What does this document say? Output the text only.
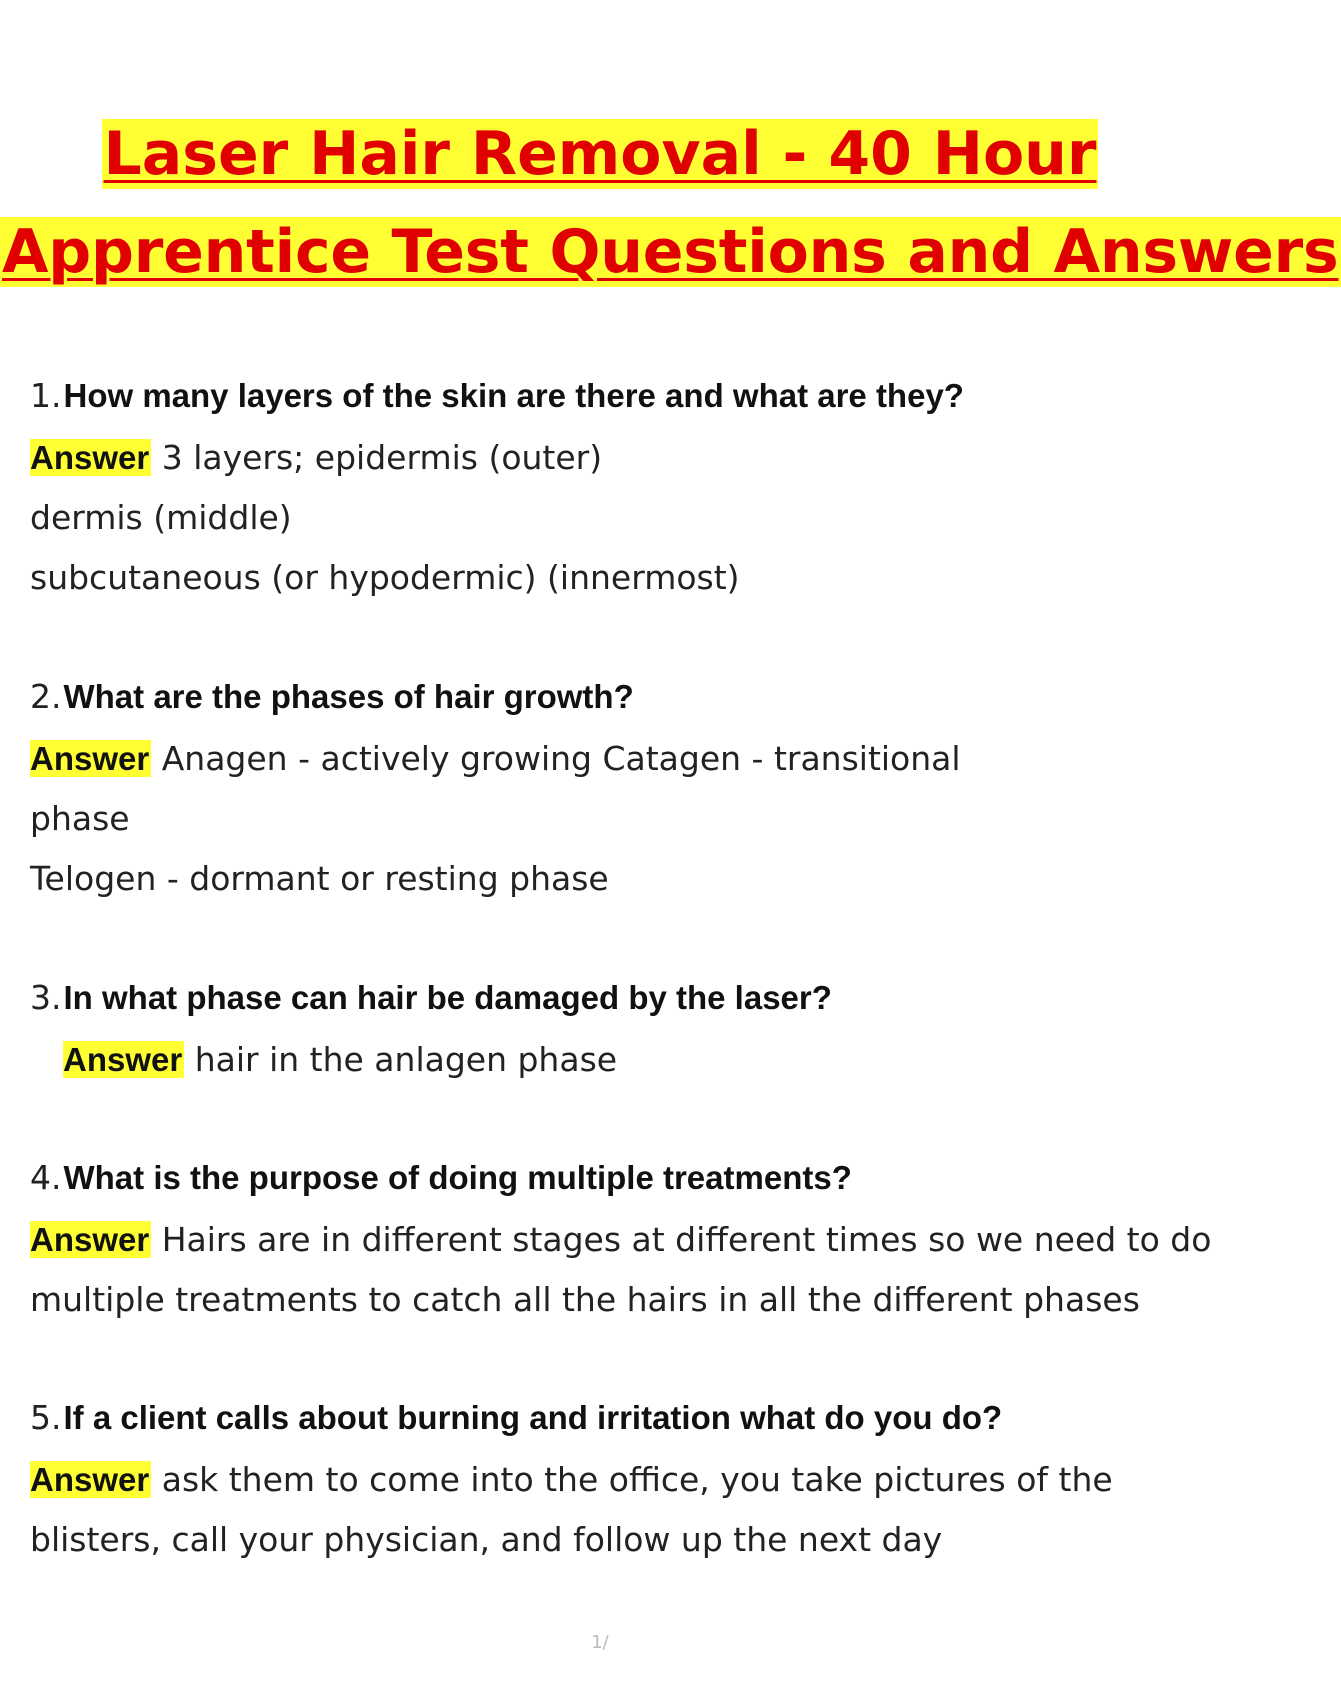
Laser Hair Removal - 40 Hour
Apprentice Test Questions and Answers
1. How many layers of the skin are there and what are they?
Answer 3 layers; epidermis (outer)
dermis (middle)
subcutaneous (or hypodermic) (innermost)
2. What are the phases of hair growth?
Answer Anagen - actively growing Catagen - transitional
phase
Telogen - dormant or resting phase
3. In what phase can hair be damaged by the laser?
Answer hair in the anlagen phase
4. What is the purpose of doing multiple treatments?
Answer Hairs are in different stages at different times so we need to do
multiple treatments to catch all the hairs in all the different phases
5. If a client calls about burning and irritation what do you do?
Answer ask them to come into the office, you take pictures of the
blisters, call your physician, and follow up the next day
1/
